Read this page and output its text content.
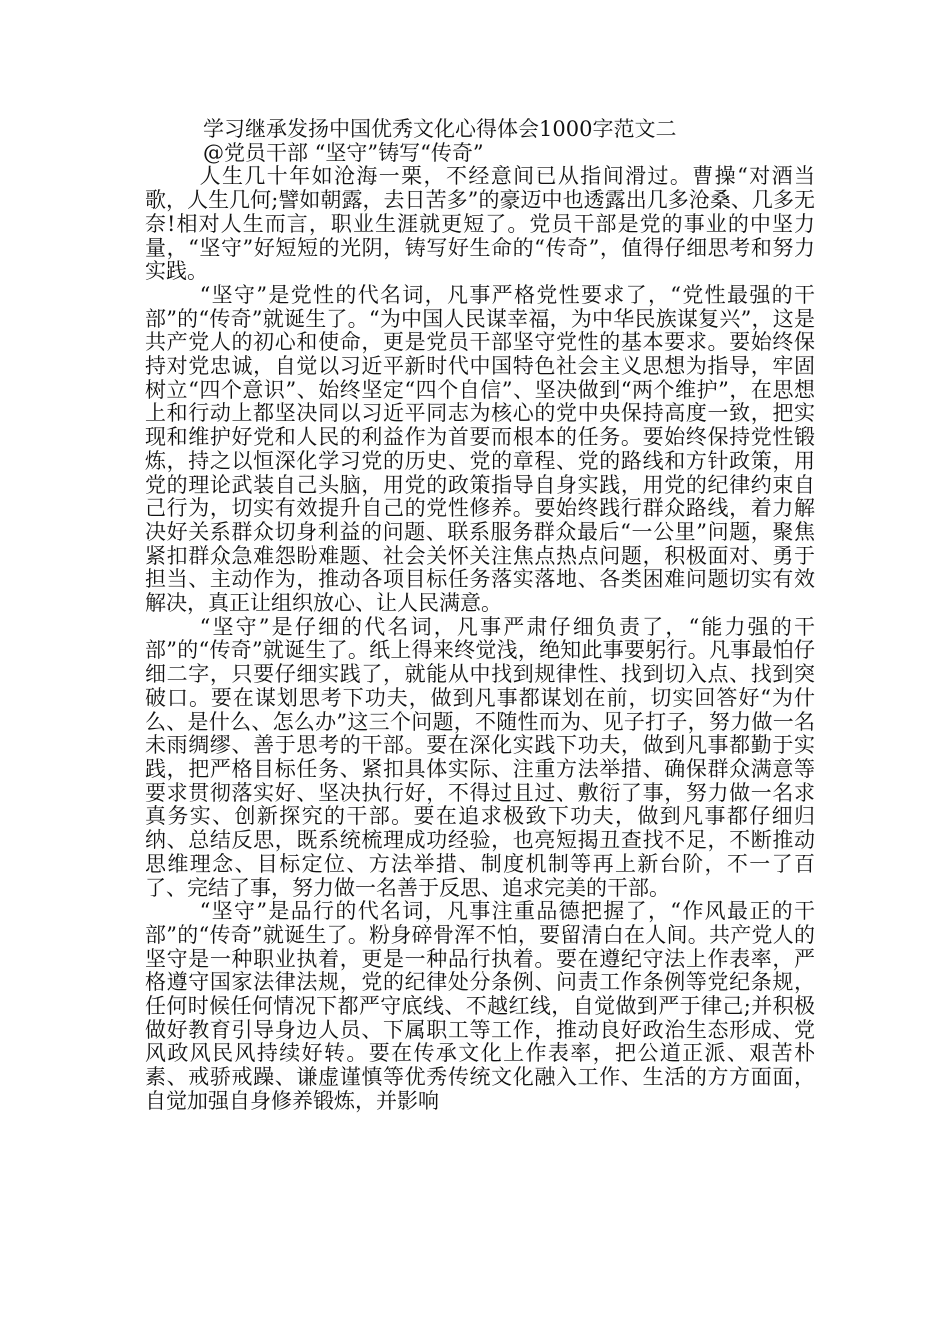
学习继承发扬中国优秀文化心得体会1000字范文二

@党员干部 “坚守”铸写“传奇”

人生几十年如沧海一栗，不经意间已从指间滑过。曹操“对酒当歌，人生几何;譬如朝露，去日苦多”的豪迈中也透露出几多沧桑、几多无奈!相对人生而言，职业生涯就更短了。党员干部是党的事业的中坚力量，“坚守”好短短的光阴，铸写好生命的“传奇”，值得仔细思考和努力实践。

“坚守”是党性的代名词，凡事严格党性要求了，“党性最强的干部”的“传奇”就诞生了。“为中国人民谋幸福，为中华民族谋复兴”，这是共产党人的初心和使命，更是党员干部坚守党性的基本要求。要始终保持对党忠诚，自觉以习近平新时代中国特色社会主义思想为指导，牢固树立“四个意识”、始终坚定“四个自信”、坚决做到“两个维护”，在思想上和行动上都坚决同以习近平同志为核心的党中央保持高度一致，把实现和维护好党和人民的利益作为首要而根本的任务。要始终保持党性锻炼，持之以恒深化学习党的历史、党的章程、党的路线和方针政策，用党的理论武装自己头脑，用党的政策指导自身实践，用党的纪律约束自己行为，切实有效提升自己的党性修养。要始终践行群众路线，着力解决好关系群众切身利益的问题、联系服务群众最后“一公里”问题，聚焦紧扣群众急难怨盼难题、社会关怀关注焦点热点问题，积极面对、勇于担当、主动作为，推动各项目标任务落实落地、各类困难问题切实有效解决，真正让组织放心、让人民满意。

“坚守”是仔细的代名词，凡事严肃仔细负责了，“能力强的干部”的“传奇”就诞生了。纸上得来终觉浅，绝知此事要躬行。凡事最怕仔细二字，只要仔细实践了，就能从中找到规律性、找到切入点、找到突破口。要在谋划思考下功夫，做到凡事都谋划在前，切实回答好“为什么、是什么、怎么办”这三个问题，不随性而为、见子打子，努力做一名未雨绸缪、善于思考的干部。要在深化实践下功夫，做到凡事都勤于实践，把严格目标任务、紧扣具体实际、注重方法举措、确保群众满意等要求贯彻落实好、坚决执行好，不得过且过、敷衍了事，努力做一名求真务实、创新探究的干部。要在追求极致下功夫，做到凡事都仔细归纳、总结反思，既系统梳理成功经验，也亮短揭丑查找不足，不断推动思维理念、目标定位、方法举措、制度机制等再上新台阶，不一了百了、完结了事，努力做一名善于反思、追求完美的干部。

“坚守”是品行的代名词，凡事注重品德把握了，“作风最正的干部”的“传奇”就诞生了。粉身碎骨浑不怕，要留清白在人间。共产党人的坚守是一种职业执着，更是一种品行执着。要在遵纪守法上作表率，严格遵守国家法律法规，党的纪律处分条例、问责工作条例等党纪条规，任何时候任何情况下都严守底线、不越红线，自觉做到严于律己;并积极做好教育引导身边人员、下属职工等工作，推动良好政治生态形成、党风政风民风持续好转。要在传承文化上作表率，把公道正派、艰苦朴素、戒骄戒躁、谦虚谨慎等优秀传统文化融入工作、生活的方方面面，自觉加强自身修养锻炼，并影响
